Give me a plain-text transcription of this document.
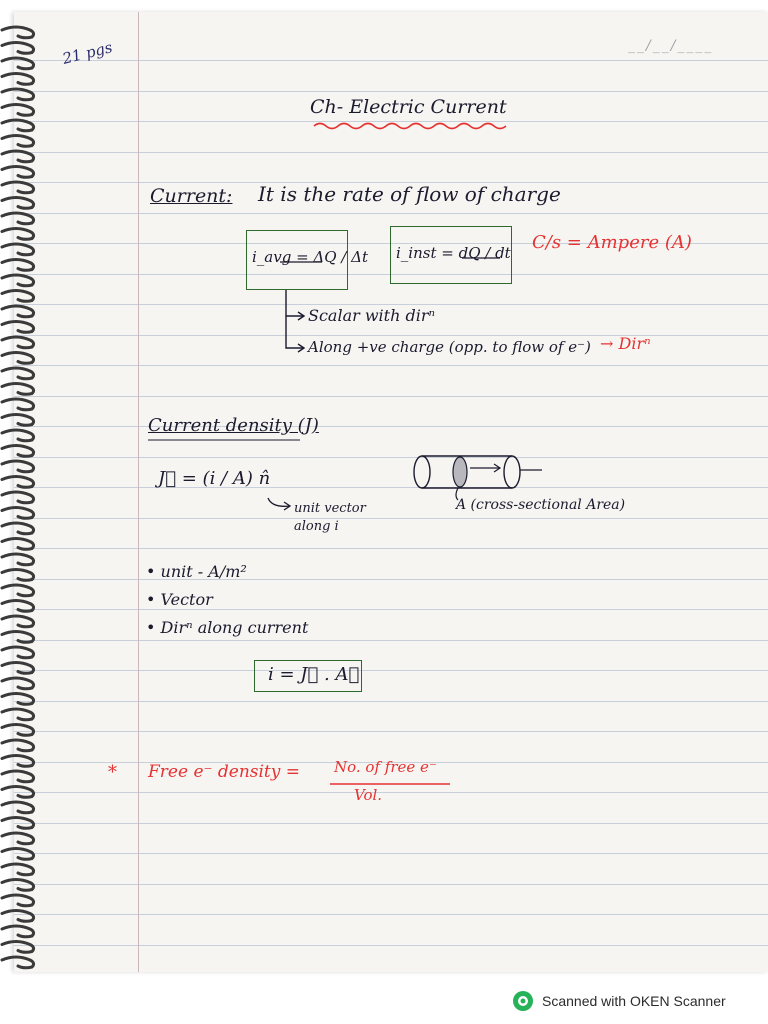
21 pgs	__/__/____
Ch- Electric Current
Current: It is the rate of flow of charge
i_avg = ΔQ / Δt i_inst = dQ / dt C/s = Ampere (A)
Scalar with dirⁿ
Along +ve charge (opp. to flow of e⁻) → Dirⁿ
Current density (J)
J⃗ = (i / A) n̂
unit vector along i
A (cross-sectional Area)
• unit - A/m²
• Vector
• Dirⁿ along current
i = J⃗ . A⃗
* Free e⁻ density = No. of free e⁻
Vol.
Scanned with OKEN Scanner
